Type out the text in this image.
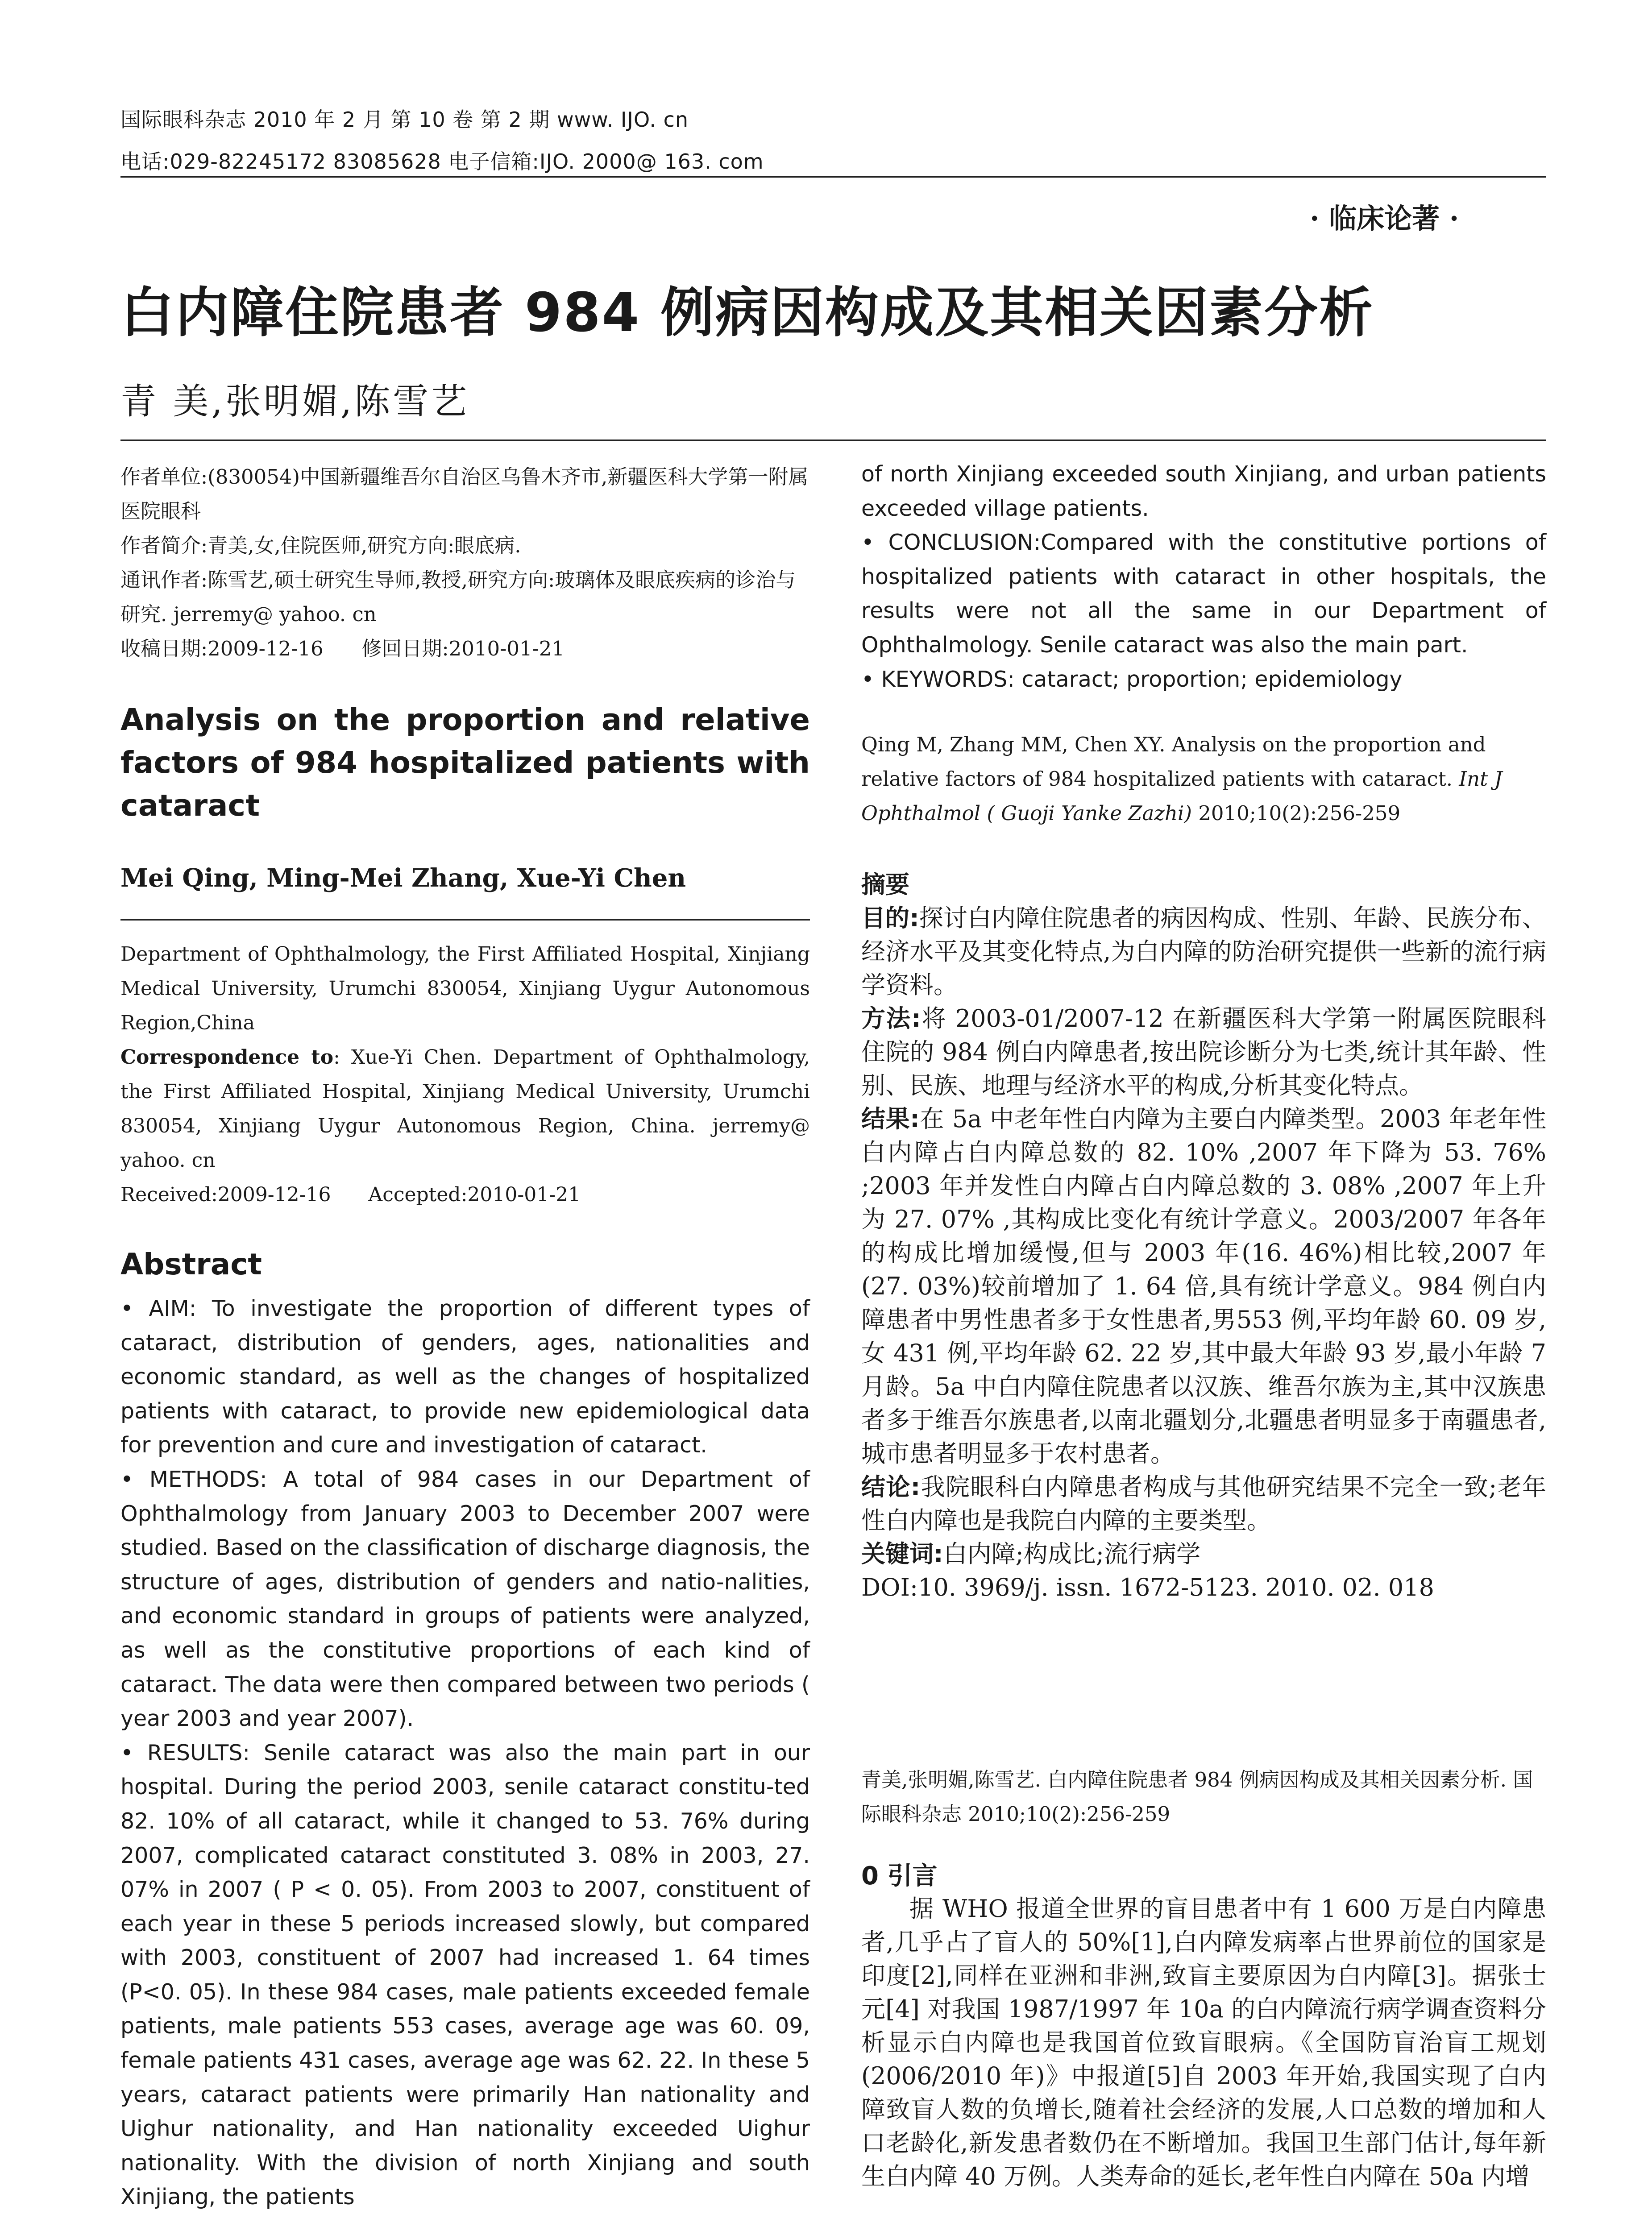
国际眼科杂志 2010 年 2 月 第 10 卷 第 2 期 www. IJO. cn
电话:029-82245172 83085628 电子信箱:IJO. 2000@ 163. com
· 临床论著 ·
白内障住院患者 984 例病因构成及其相关因素分析
青 美,张明媚,陈雪艺
作者单位:(830054)中国新疆维吾尔自治区乌鲁木齐市,新疆医科大学第一附属医院眼科
作者简介:青美,女,住院医师,研究方向:眼底病.
通讯作者:陈雪艺,硕士研究生导师,教授,研究方向:玻璃体及眼底疾病的诊治与研究. jerremy@ yahoo. cn
收稿日期:2009-12-16      修回日期:2010-01-21
Analysis on the proportion and relative factors of 984 hospitalized patients with cataract
Mei Qing, Ming-Mei Zhang, Xue-Yi Chen
Department of Ophthalmology, the First Affiliated Hospital, Xinjiang Medical University, Urumchi 830054, Xinjiang Uygur Autonomous Region,China
Correspondence to: Xue-Yi Chen. Department of Ophthalmology, the First Affiliated Hospital, Xinjiang Medical University, Urumchi 830054, Xinjiang Uygur Autonomous Region, China. jerremy@ yahoo. cn
Received:2009-12-16      Accepted:2010-01-21
Abstract

• AIM: To investigate the proportion of different types of cataract, distribution of genders, ages, nationalities and economic standard, as well as the changes of hospitalized patients with cataract, to provide new epidemiological data for prevention and cure and investigation of cataract.

• METHODS: A total of 984 cases in our Department of Ophthalmology from January 2003 to December 2007 were studied. Based on the classification of discharge diagnosis, the structure of ages, distribution of genders and natio-nalities, and economic standard in groups of patients were analyzed, as well as the constitutive proportions of each kind of cataract. The data were then compared between two periods ( year 2003 and year 2007).

• RESULTS: Senile cataract was also the main part in our hospital. During the period 2003, senile cataract constitu-ted 82. 10% of all cataract, while it changed to 53. 76% during 2007, complicated cataract constituted 3. 08% in 2003, 27. 07% in 2007 ( P < 0. 05). From 2003 to 2007, constituent of each year in these 5 periods increased slowly, but compared with 2003, constituent of 2007 had increased 1. 64 times (P<0. 05). In these 984 cases, male patients exceeded female patients, male patients 553 cases, average age was 60. 09, female patients 431 cases, average age was 62. 22. In these 5 years, cataract patients were primarily Han nationality and Uighur nationality, and Han nationality exceeded Uighur nationality. With the division of north Xinjiang and south Xinjiang, the patients

of north Xinjiang exceeded south Xinjiang, and urban patients exceeded village patients.

• CONCLUSION:Compared with the constitutive portions of hospitalized patients with cataract in other hospitals, the results were not all the same in our Department of Ophthalmology. Senile cataract was also the main part.

• KEYWORDS: cataract; proportion; epidemiology

Qing M, Zhang MM, Chen XY. Analysis on the proportion and relative factors of 984 hospitalized patients with cataract. Int J Ophthalmol ( Guoji Yanke Zazhi) 2010;10(2):256-259

摘要

目的:探讨白内障住院患者的病因构成、性别、年龄、民族分布、经济水平及其变化特点,为白内障的防治研究提供一些新的流行病学资料。

方法:将 2003-01/2007-12 在新疆医科大学第一附属医院眼科住院的 984 例白内障患者,按出院诊断分为七类,统计其年龄、性别、民族、地理与经济水平的构成,分析其变化特点。

结果:在 5a 中老年性白内障为主要白内障类型。2003 年老年性白内障占白内障总数的 82. 10% ,2007 年下降为 53. 76% ;2003 年并发性白内障占白内障总数的 3. 08% ,2007 年上升为 27. 07% ,其构成比变化有统计学意义。2003/2007 年各年的构成比增加缓慢,但与 2003 年(16. 46%)相比较,2007 年(27. 03%)较前增加了 1. 64 倍,具有统计学意义。984 例白内障患者中男性患者多于女性患者,男553 例,平均年龄 60. 09 岁,女 431 例,平均年龄 62. 22 岁,其中最大年龄 93 岁,最小年龄 7 月龄。5a 中白内障住院患者以汉族、维吾尔族为主,其中汉族患者多于维吾尔族患者,以南北疆划分,北疆患者明显多于南疆患者,城市患者明显多于农村患者。

结论:我院眼科白内障患者构成与其他研究结果不完全一致;老年性白内障也是我院白内障的主要类型。

关键词:白内障;构成比;流行病学

DOI:10. 3969/j. issn. 1672-5123. 2010. 02. 018

青美,张明媚,陈雪艺. 白内障住院患者 984 例病因构成及其相关因素分析. 国际眼科杂志 2010;10(2):256-259
0 引言
据 WHO 报道全世界的盲目患者中有 1 600 万是白内障患者,几乎占了盲人的 50%[1],白内障发病率占世界前位的国家是印度[2],同样在亚洲和非洲,致盲主要原因为白内障[3]。据张士元[4] 对我国 1987/1997 年 10a 的白内障流行病学调查资料分析显示白内障也是我国首位致盲眼病。《全国防盲治盲工规划(2006/2010 年)》中报道[5]自 2003 年开始,我国实现了白内障致盲人数的负增长,随着社会经济的发展,人口总数的增加和人口老龄化,新发患者数仍在不断增加。我国卫生部门估计,每年新生白内障 40 万例。人类寿命的延长,老年性白内障在 50a 内增
